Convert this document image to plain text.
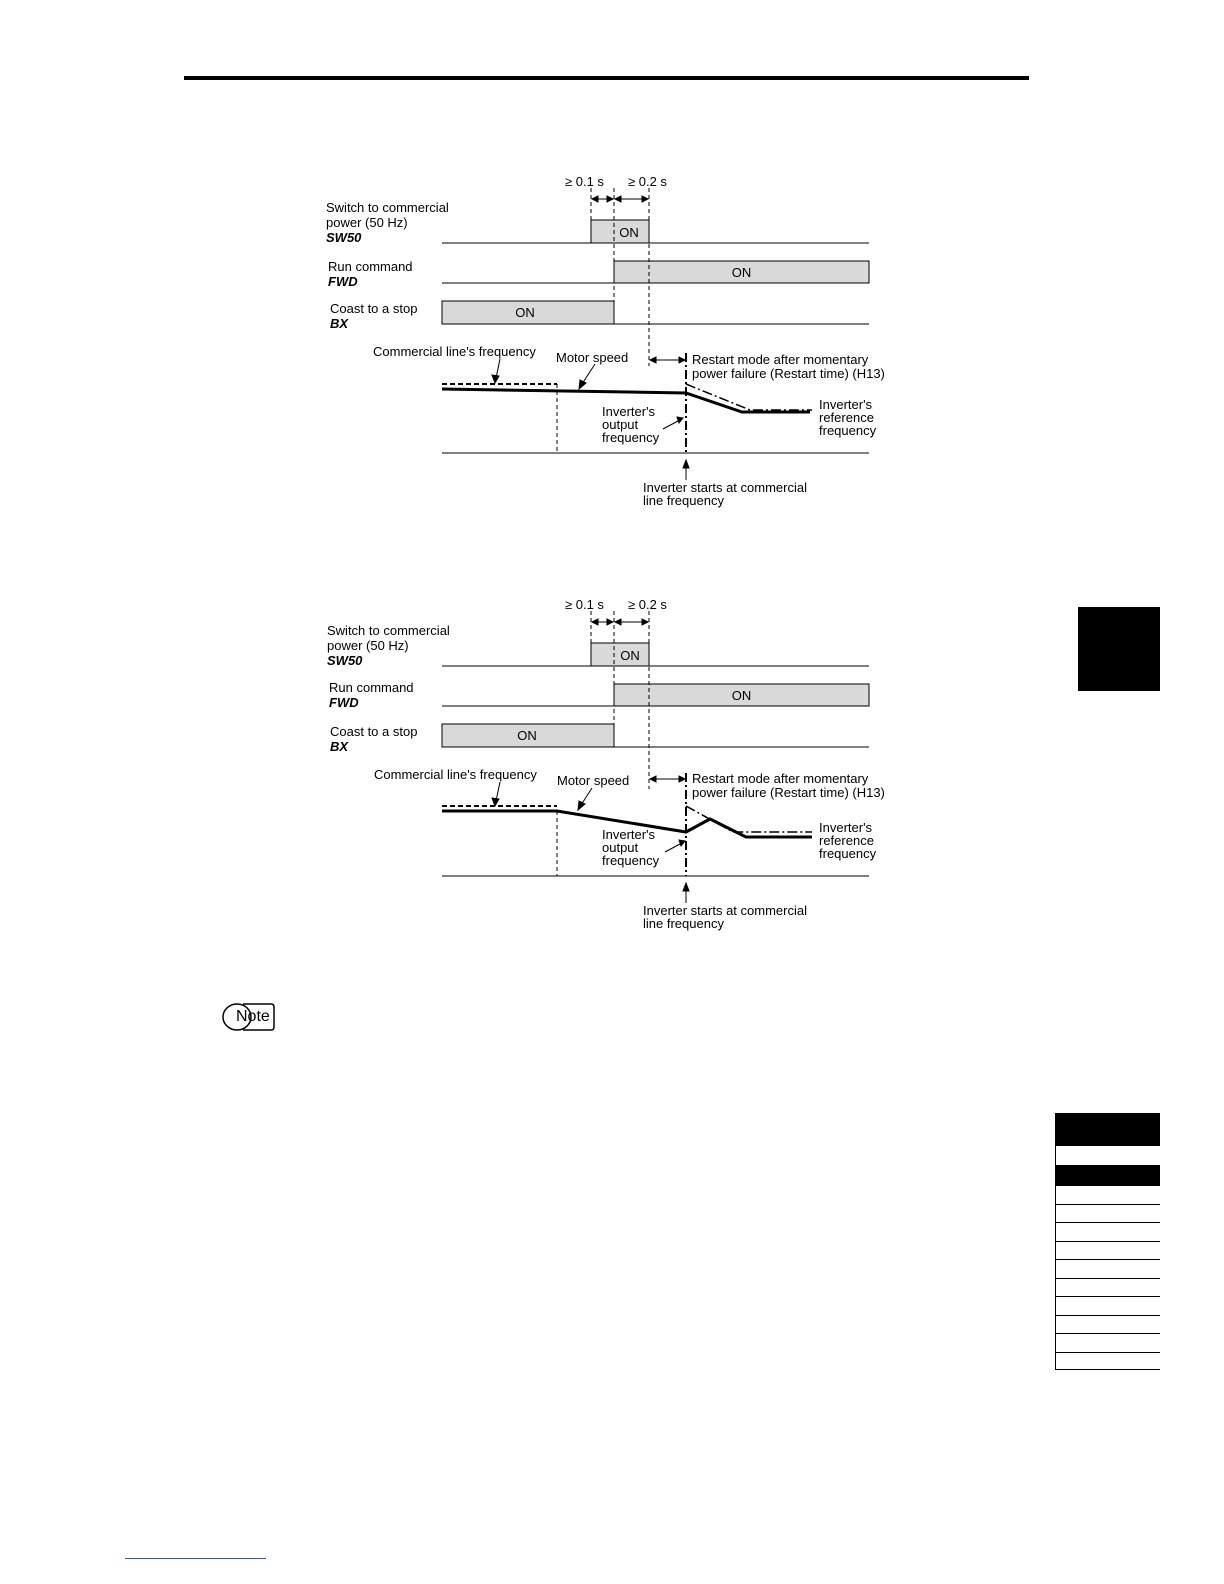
≥ 0.1 s ≥ 0.2 s
Switch to commercial
power (50 Hz)
SW50	ON
Run command
FWD
ON
Coast to a stop
BX
ON
Commercial line's frequency Motor speed	Restart mode after momentary
power failure (Restart time) (H13)
Inverter's
output
frequency
Inverter's
reference
frequency
Inverter starts at commercial
line frequency
≥ 0.1 s ≥ 0.2 s
Switch to commercial
power (50 Hz)
SW50	ON
Run command
FWD	ON
Coast to a stop
BX
ON
Commercial line's frequency Motor speed	Restart mode after momentary
power failure (Restart time) (H13)
Inverter's
output
frequency
Inverter's
reference
frequency
Inverter starts at commercial
line frequency
Note
